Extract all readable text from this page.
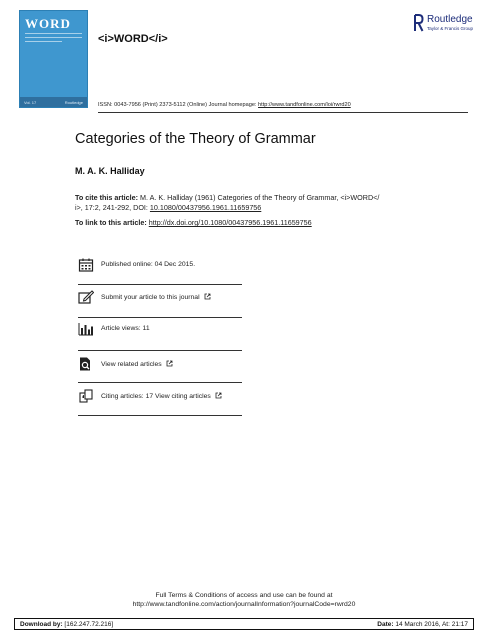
WORD
Vol. 17	Routledge
<i>WORD</i>
ISSN: 0043-7956 (Print) 2373-5112 (Online) Journal homepage: http://www.tandfonline.com/loi/rwrd20
Routledge
Taylor & Francis Group
Categories of the Theory of Grammar
M. A. K. Halliday
To cite this article: M. A. K. Halliday (1961) Categories of the Theory of Grammar, <i>WORD</
i>, 17:2, 241-292, DOI: 10.1080/00437956.1961.11659756
To link to this article: http://dx.doi.org/10.1080/00437956.1961.11659756
Published online: 04 Dec 2015.
Submit your article to this journal
Article views: 11
View related articles
Citing articles: 17 View citing articles
Full Terms & Conditions of access and use can be found at
http://www.tandfonline.com/action/journalInformation?journalCode=rwrd20
Download by: [162.247.72.216]	Date: 14 March 2016, At: 21:17
